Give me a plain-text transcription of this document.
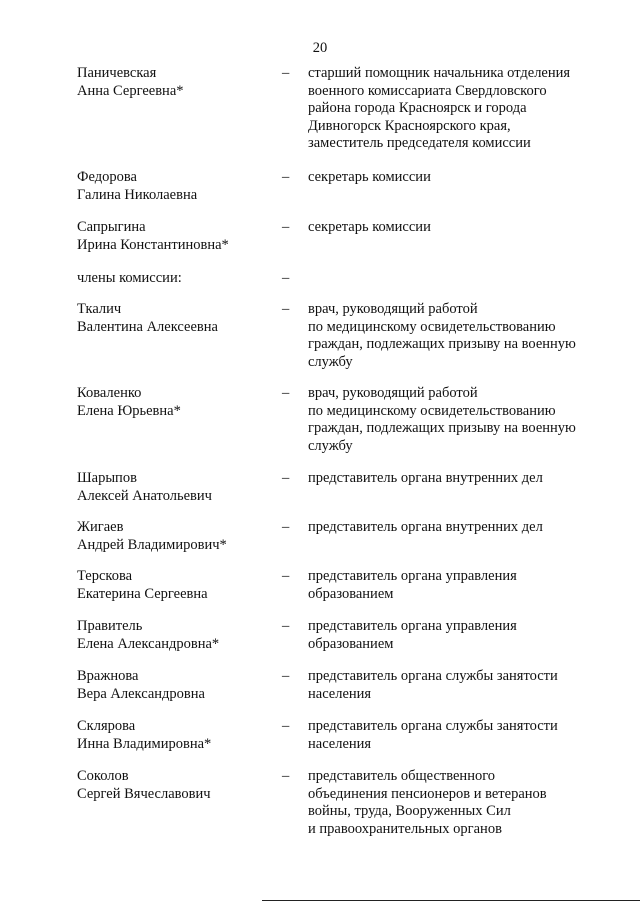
20
Паничевская
Анна Сергеевна*
– старший помощник начальника отделения
военного комиссариата Свердловского
района города Красноярск и города
Дивногорск Красноярского края,
заместитель председателя комиссии
Федорова
Галина Николаевна
– секретарь комиссии
Сапрыгина
Ирина Константиновна*
– секретарь комиссии
члены комиссии:	–
Ткалич
Валентина Алексеевна
– врач, руководящий работой
по медицинскому освидетельствованию
граждан, подлежащих призыву на военную
службу
Коваленко
Елена Юрьевна*
– врач, руководящий работой
по медицинскому освидетельствованию
граждан, подлежащих призыву на военную
службу
Шарыпов
Алексей Анатольевич
– представитель органа внутренних дел
Жигаев
Андрей Владимирович*
– представитель органа внутренних дел
Терскова
Екатерина Сергеевна
– представитель органа управления
образованием
Правитель
Елена Александровна*
– представитель органа управления
образованием
Вражнова
Вера Александровна
– представитель органа службы занятости
населения
Склярова
Инна Владимировна*
– представитель органа службы занятости
населения
Соколов
Сергей Вячеславович
– представитель общественного
объединения пенсионеров и ветеранов
войны, труда, Вооруженных Сил
и правоохранительных органов
